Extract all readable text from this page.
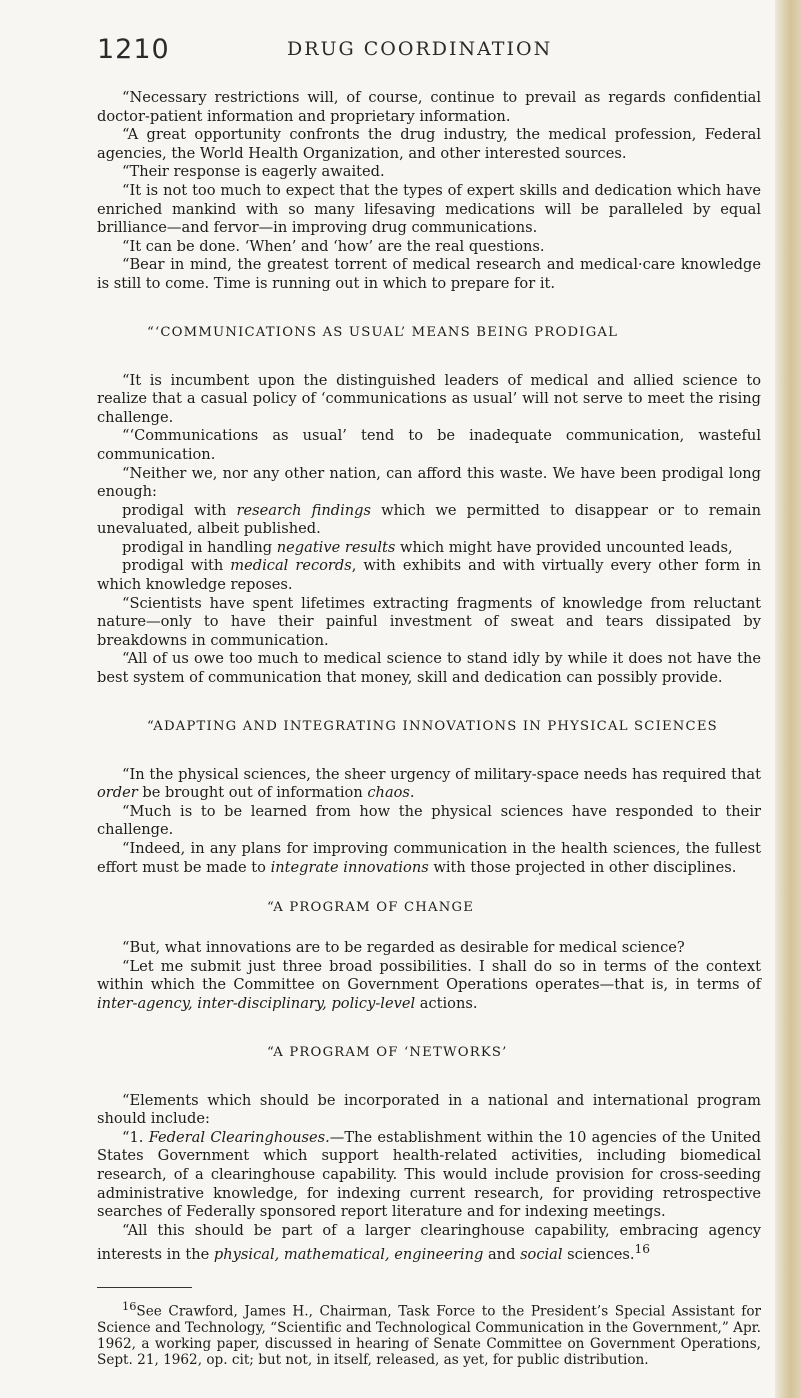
1210	DRUG COORDINATION

“Necessary restrictions will, of course, continue to prevail as regards confidential doctor-patient information and proprietary information.

“A great opportunity confronts the drug industry, the medical profession, Federal agencies, the World Health Organization, and other interested sources.

“Their response is eagerly awaited.

“It is not too much to expect that the types of expert skills and dedication which have enriched mankind with so many lifesaving medications will be paralleled by equal brilliance—and fervor—in improving drug communications.

“It can be done. ‘When’ and ‘how’ are the real questions.

“Bear in mind, the greatest torrent of medical research and medical·care knowledge is still to come. Time is running out in which to prepare for it.

“‘COMMUNICATIONS AS USUAL’ MEANS BEING PRODIGAL

“It is incumbent upon the distinguished leaders of medical and allied science to realize that a casual policy of ‘communications as usual’ will not serve to meet the rising challenge.

“‘Communications as usual’ tend to be inadequate communication, wasteful communication.

“Neither we, nor any other nation, can afford this waste. We have been prodigal long enough:

prodigal with research findings which we permitted to disappear or to remain unevaluated, albeit published.

prodigal in handling negative results which might have provided uncounted leads,

prodigal with medical records, with exhibits and with virtually every other form in which knowledge reposes.

“Scientists have spent lifetimes extracting fragments of knowledge from reluctant nature—only to have their painful investment of sweat and tears dissipated by breakdowns in communication.

“All of us owe too much to medical science to stand idly by while it does not have the best system of communication that money, skill and dedication can possibly provide.

“ADAPTING AND INTEGRATING INNOVATIONS IN PHYSICAL SCIENCES

“In the physical sciences, the sheer urgency of military-space needs has required that order be brought out of information chaos.

“Much is to be learned from how the physical sciences have responded to their challenge.

“Indeed, in any plans for improving communication in the health sciences, the fullest effort must be made to integrate innovations with those projected in other disciplines.

“A PROGRAM OF CHANGE

“But, what innovations are to be regarded as desirable for medical science?

“Let me submit just three broad possibilities. I shall do so in terms of the context within which the Committee on Government Operations operates—that is, in terms of inter-agency, inter-disciplinary, policy-level actions.

“A PROGRAM OF ‘NETWORKS’

“Elements which should be incorporated in a national and international program should include:

“1. Federal Clearinghouses.—The establishment within the 10 agencies of the United States Government which support health-related activities, including biomedical research, of a clearinghouse capability. This would include provision for cross-seeding administrative knowledge, for indexing current research, for providing retrospective searches of Federally sponsored report literature and for indexing meetings.

“All this should be part of a larger clearinghouse capability, embracing agency interests in the physical, mathematical, engineering and social sciences.$^{16}$

$^{16}$See Crawford, James H., Chairman, Task Force to the President’s Special Assistant for Science and Technology, “Scientific and Technological Communication in the Government,” Apr. 1962, a working paper, discussed in hearing of Senate Committee on Government Operations, Sept. 21, 1962, op. cit; but not, in itself, released, as yet, for public distribution.
